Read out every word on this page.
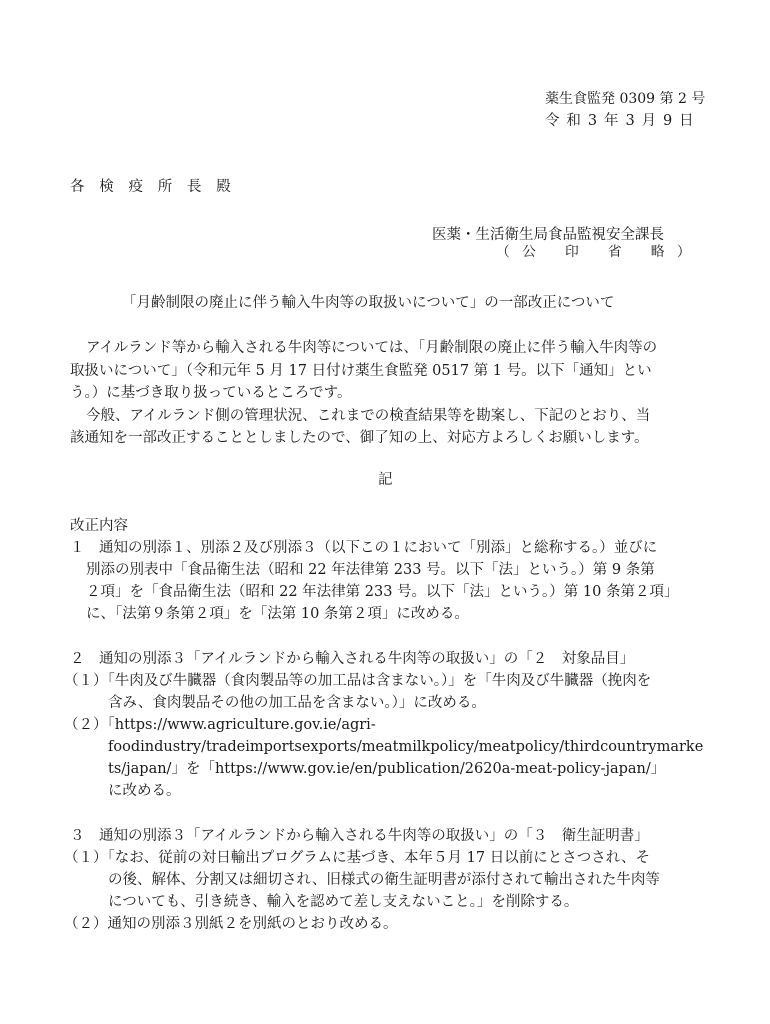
薬生食監発 0309 第 2 号
令 和 3 年 3 月 9 日
各 検 疫 所 長 殿
医薬・生活衛生局食品監視安全課長
（公 印 省 略）
「月齢制限の廃止に伴う輸入牛肉等の取扱いについて」の一部改正について
アイルランド等から輸入される牛肉等については、「月齢制限の廃止に伴う輸入牛肉等の
取扱いについて」（令和元年 5 月 17 日付け薬生食監発 0517 第 1 号。以下「通知」とい
う。）に基づき取り扱っているところです。
今般、アイルランド側の管理状況、これまでの検査結果等を勘案し、下記のとおり、当
該通知を一部改正することとしましたので、御了知の上、対応方よろしくお願いします。
記
改正内容
１　通知の別添１、別添２及び別添３（以下この１において「別添」と総称する。）並びに
別添の別表中「食品衛生法（昭和 22 年法律第 233 号。以下「法」という。）第 9 条第
２項」を「食品衛生法（昭和 22 年法律第 233 号。以下「法」という。）第 10 条第２項」
に、「法第９条第２項」を「法第 10 条第２項」に改める。
２　通知の別添３「アイルランドから輸入される牛肉等の取扱い」の「２　対象品目」
（１）「牛肉及び牛臓器（食肉製品等の加工品は含まない。）」を「牛肉及び牛臓器（挽肉を
含み、食肉製品その他の加工品を含まない。）」に改める。
（２）「https://www.agriculture.gov.ie/agri-
foodindustry/tradeimportsexports/meatmilkpolicy/meatpolicy/thirdcountrymarke
ts/japan/」を「https://www.gov.ie/en/publication/2620a-meat-policy-japan/」
に改める。
３　通知の別添３「アイルランドから輸入される牛肉等の取扱い」の「３　衛生証明書」
（１）「なお、従前の対日輸出プログラムに基づき、本年５月 17 日以前にとさつされ、そ
の後、解体、分割又は細切され、旧様式の衛生証明書が添付されて輸出された牛肉等
についても、引き続き、輸入を認めて差し支えないこと。」を削除する。
（２）通知の別添３別紙２を別紙のとおり改める。
